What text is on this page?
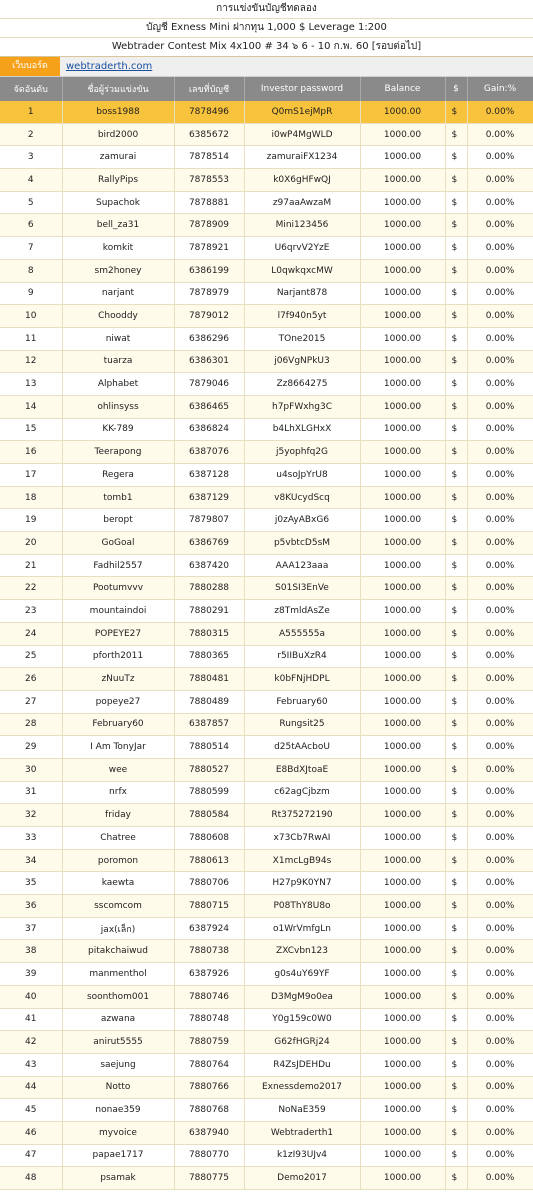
การแข่งขันบัญชีทดลอง
บัญชี Exness Mini ฝากทุน 1,000 $ Leverage 1:200
Webtrader Contest Mix 4x100 # 34 ๖ 6 - 10 ก.พ. 60 [รอบต่อไป]
เว็บบอร์ด	webtraderth.com
จัดอันดับ	ชื่อผู้ร่วมแข่งขัน	เลขที่บัญชี	Investor password	Balance	$	Gain:%
1	boss1988	7878496	Q0mS1ejMpR	1000.00	$	0.00%
2	bird2000	6385672	i0wP4MgWLD	1000.00	$	0.00%
3	zamurai	7878514	zamuraiFX1234	1000.00	$	0.00%
4	RallyPips	7878553	k0X6gHFwQJ	1000.00	$	0.00%
5	Supachok	7878881	z97aaAwzaM	1000.00	$	0.00%
6	bell_za31	7878909	Mini123456	1000.00	$	0.00%
7	komkit	7878921	U6qrvV2YzE	1000.00	$	0.00%
8	sm2honey	6386199	L0qwkqxcMW	1000.00	$	0.00%
9	narjant	7878979	Narjant878	1000.00	$	0.00%
10	Chooddy	7879012	l7f940n5yt	1000.00	$	0.00%
11	niwat	6386296	TOne2015	1000.00	$	0.00%
12	tuarza	6386301	j06VgNPkU3	1000.00	$	0.00%
13	Alphabet	7879046	Zz8664275	1000.00	$	0.00%
14	ohlinsyss	6386465	h7pFWxhg3C	1000.00	$	0.00%
15	KK-789	6386824	b4LhXLGHxX	1000.00	$	0.00%
16	Teerapong	6387076	j5yophfq2G	1000.00	$	0.00%
17	Regera	6387128	u4soJpYrU8	1000.00	$	0.00%
18	tomb1	6387129	v8KUcydScq	1000.00	$	0.00%
19	beropt	7879807	j0zAyABxG6	1000.00	$	0.00%
20	GoGoal	6386769	p5vbtcD5sM	1000.00	$	0.00%
21	Fadhil2557	6387420	AAA123aaa	1000.00	$	0.00%
22	Pootumvvv	7880288	S01SI3EnVe	1000.00	$	0.00%
23	mountaindoi	7880291	z8TmldAsZe	1000.00	$	0.00%
24	POPEYE27	7880315	A555555a	1000.00	$	0.00%
25	pforth2011	7880365	r5IIBuXzR4	1000.00	$	0.00%
26	zNuuTz	7880481	k0bFNjHDPL	1000.00	$	0.00%
27	popeye27	7880489	February60	1000.00	$	0.00%
28	February60	6387857	Rungsit25	1000.00	$	0.00%
29	I Am TonyJar	7880514	d25tAAcboU	1000.00	$	0.00%
30	wee	7880527	E8BdXJtoaE	1000.00	$	0.00%
31	nrfx	7880599	c62agCjbzm	1000.00	$	0.00%
32	friday	7880584	Rt375272190	1000.00	$	0.00%
33	Chatree	7880608	x73Cb7RwAI	1000.00	$	0.00%
34	poromon	7880613	X1mcLgB94s	1000.00	$	0.00%
35	kaewta	7880706	H27p9K0YN7	1000.00	$	0.00%
36	sscomcom	7880715	P08ThY8U8o	1000.00	$	0.00%
37	jax(เล็ก)	6387924	o1WrVmfgLn	1000.00	$	0.00%
38	pitakchaiwud	7880738	ZXCvbn123	1000.00	$	0.00%
39	manmenthol	6387926	g0s4uY69YF	1000.00	$	0.00%
40	soonthom001	7880746	D3MgM9o0ea	1000.00	$	0.00%
41	azwana	7880748	Y0g159c0W0	1000.00	$	0.00%
42	anirut5555	7880759	G62fHGRj24	1000.00	$	0.00%
43	saejung	7880764	R4ZsJDEHDu	1000.00	$	0.00%
44	Notto	7880766	Exnessdemo2017	1000.00	$	0.00%
45	nonae359	7880768	NoNaE359	1000.00	$	0.00%
46	myvoice	6387940	Webtraderth1	1000.00	$	0.00%
47	papae1717	7880770	k1zI93UJv4	1000.00	$	0.00%
48	psamak	7880775	Demo2017	1000.00	$	0.00%
